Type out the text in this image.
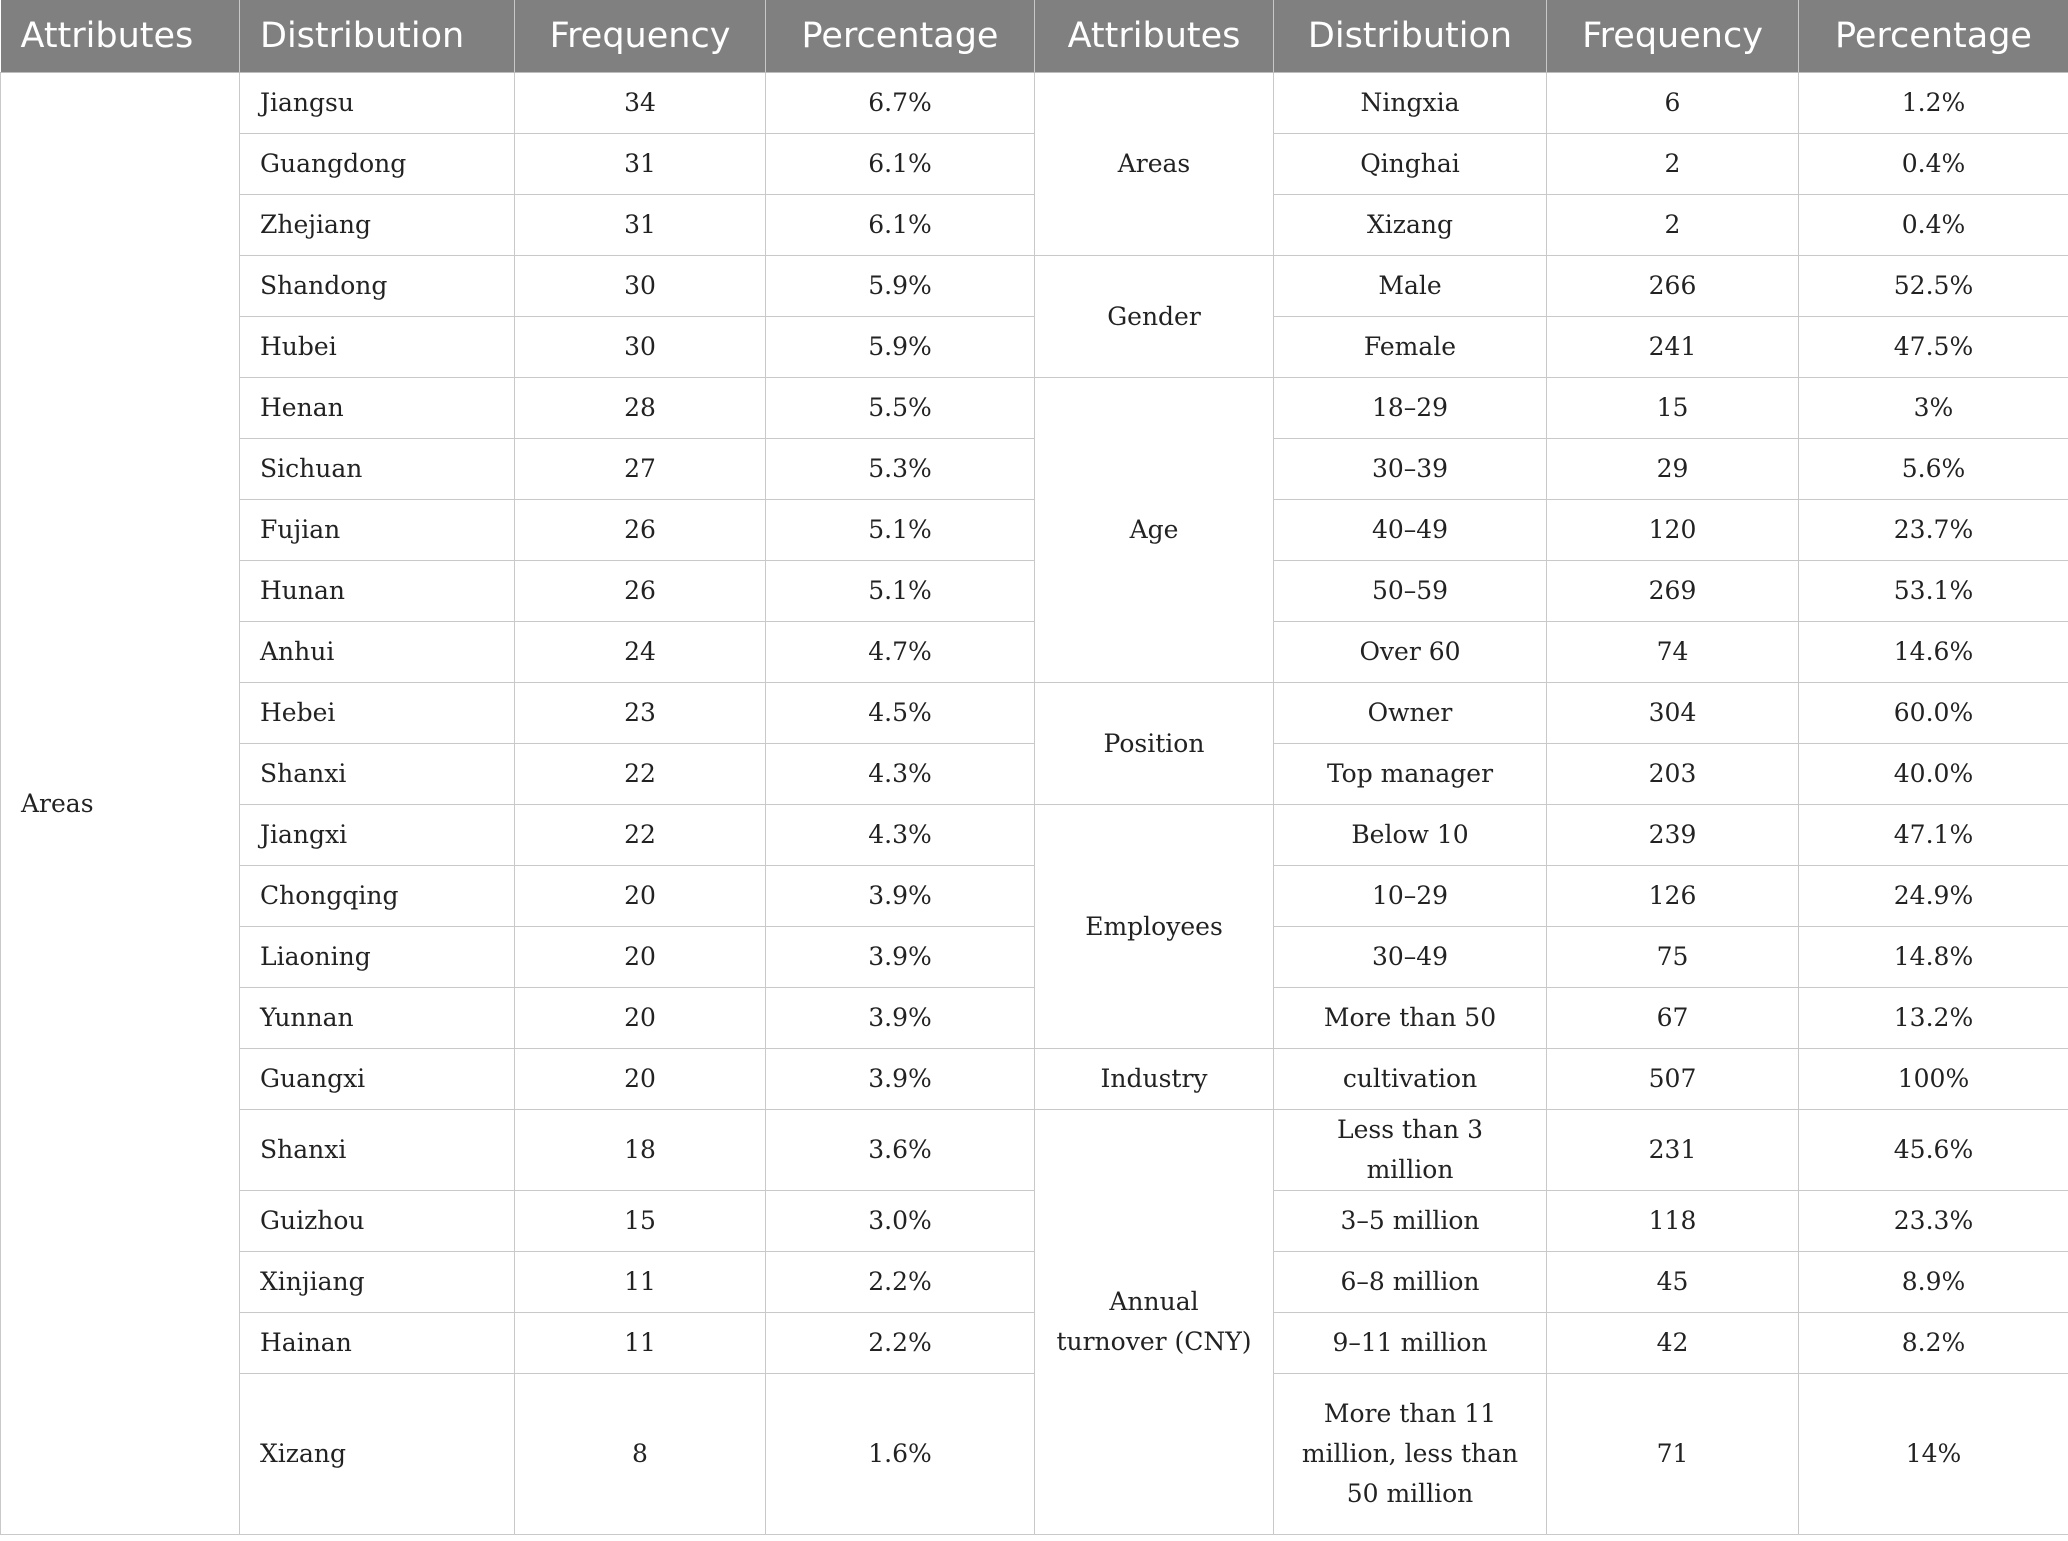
Attributes	Distribution	Frequency	Percentage	Attributes	Distribution	Frequency	Percentage
Areas	Jiangsu	34	6.7%	Areas	Ningxia	6	1.2%
	Guangdong	31	6.1%		Qinghai	2	0.4%
	Zhejiang	31	6.1%		Xizang	2	0.4%
	Shandong	30	5.9%	Gender	Male	266	52.5%
	Hubei	30	5.9%		Female	241	47.5%
	Henan	28	5.5%	Age	18–29	15	3%
	Sichuan	27	5.3%		30–39	29	5.6%
	Fujian	26	5.1%		40–49	120	23.7%
	Hunan	26	5.1%		50–59	269	53.1%
	Anhui	24	4.7%		Over 60	74	14.6%
	Hebei	23	4.5%	Position	Owner	304	60.0%
	Shanxi	22	4.3%		Top manager	203	40.0%
	Jiangxi	22	4.3%	Employees	Below 10	239	47.1%
	Chongqing	20	3.9%		10–29	126	24.9%
	Liaoning	20	3.9%		30–49	75	14.8%
	Yunnan	20	3.9%		More than 50	67	13.2%
	Guangxi	20	3.9%	Industry	cultivation	507	100%
	Shanxi	18	3.6%	Annual turnover (CNY)	Less than 3 million	231	45.6%
	Guizhou	15	3.0%		3–5 million	118	23.3%
	Xinjiang	11	2.2%		6–8 million	45	8.9%
	Hainan	11	2.2%		9–11 million	42	8.2%
	Xizang	8	1.6%		More than 11 million, less than 50 million	71	14%
